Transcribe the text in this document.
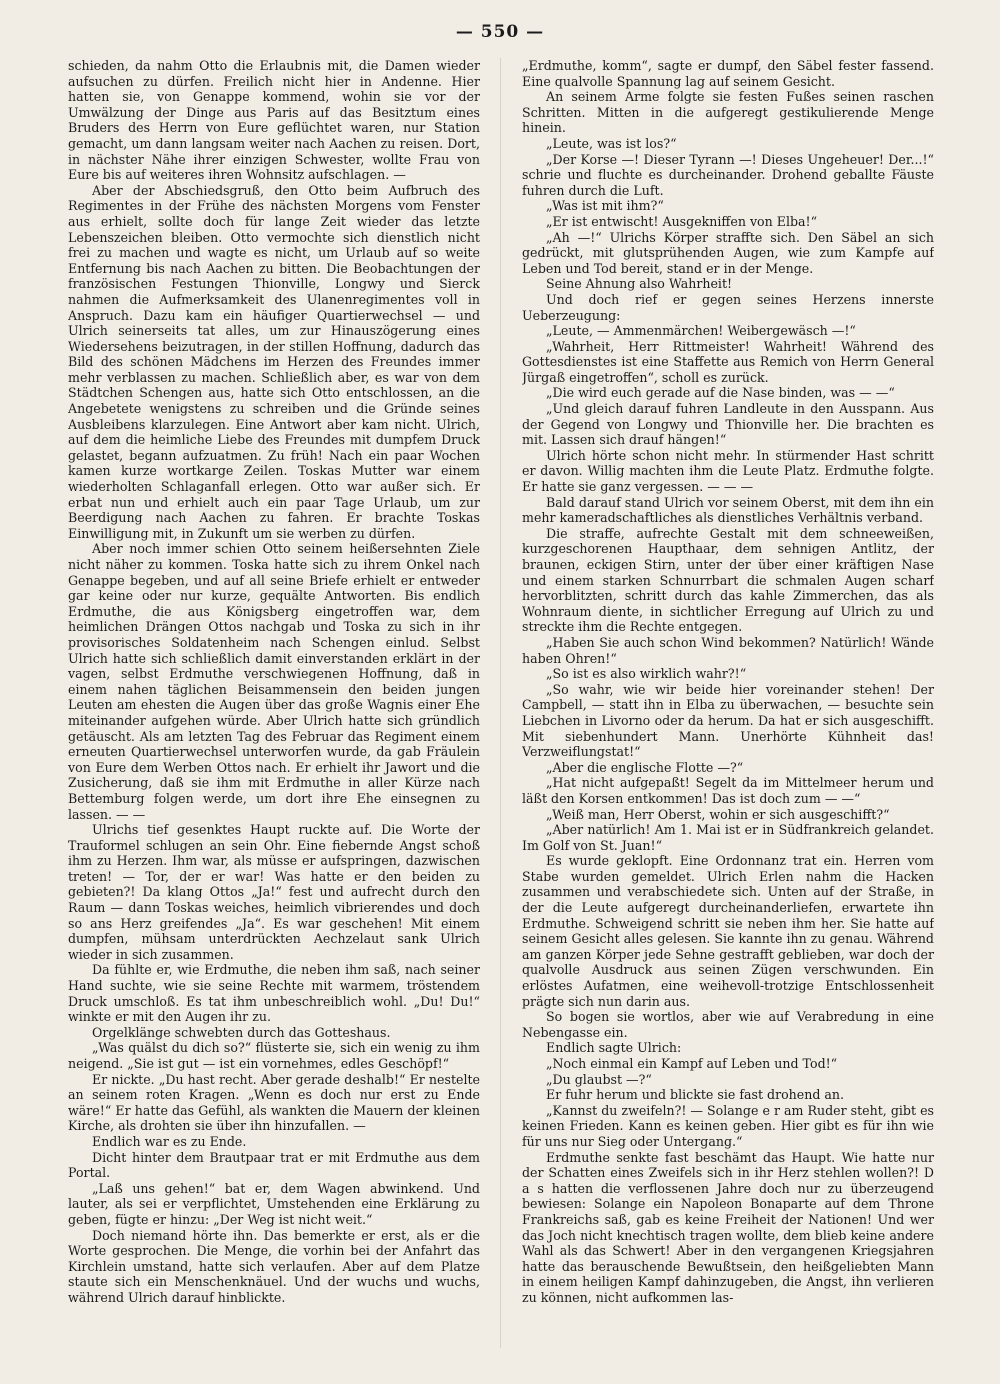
— 550 —

schieden, da nahm Otto die Erlaubnis mit, die Damen wieder aufsuchen zu dürfen. Freilich nicht hier in Andenne. Hier hatten sie, von Genappe kommend, wohin sie vor der Umwälzung der Dinge aus Paris auf das Besitztum eines Bruders des Herrn von Eure geflüchtet waren, nur Station gemacht, um dann langsam weiter nach Aachen zu reisen. Dort, in nächster Nähe ihrer einzigen Schwester, wollte Frau von Eure bis auf weiteres ihren Wohnsitz aufschlagen. —

Aber der Abschiedsgruß, den Otto beim Aufbruch des Regimentes in der Frühe des nächsten Morgens vom Fenster aus erhielt, sollte doch für lange Zeit wieder das letzte Lebenszeichen bleiben. Otto vermochte sich dienstlich nicht frei zu machen und wagte es nicht, um Urlaub auf so weite Entfernung bis nach Aachen zu bitten. Die Beobachtungen der französischen Festungen Thionville, Longwy und Sierck nahmen die Aufmerksamkeit des Ulanenregimentes voll in Anspruch. Dazu kam ein häufiger Quartierwechsel — und Ulrich seinerseits tat alles, um zur Hinauszögerung eines Wiedersehens beizutragen, in der stillen Hoffnung, dadurch das Bild des schönen Mädchens im Herzen des Freundes immer mehr verblassen zu machen. Schließlich aber, es war von dem Städtchen Schengen aus, hatte sich Otto entschlossen, an die Angebetete wenigstens zu schreiben und die Gründe seines Ausbleibens klarzulegen. Eine Antwort aber kam nicht. Ulrich, auf dem die heimliche Liebe des Freundes mit dumpfem Druck gelastet, begann aufzuatmen. Zu früh! Nach ein paar Wochen kamen kurze wortkarge Zeilen. Toskas Mutter war einem wiederholten Schlaganfall erlegen. Otto war außer sich. Er erbat nun und erhielt auch ein paar Tage Urlaub, um zur Beerdigung nach Aachen zu fahren. Er brachte Toskas Einwilligung mit, in Zukunft um sie werben zu dürfen.

Aber noch immer schien Otto seinem heißersehnten Ziele nicht näher zu kommen. Toska hatte sich zu ihrem Onkel nach Genappe begeben, und auf all seine Briefe erhielt er entweder gar keine oder nur kurze, gequälte Antworten. Bis endlich Erdmuthe, die aus Königsberg eingetroffen war, dem heimlichen Drängen Ottos nachgab und Toska zu sich in ihr provisorisches Soldatenheim nach Schengen einlud. Selbst Ulrich hatte sich schließlich damit einverstanden erklärt in der vagen, selbst Erdmuthe verschwiegenen Hoffnung, daß in einem nahen täglichen Beisammensein den beiden jungen Leuten am ehesten die Augen über das große Wagnis einer Ehe miteinander aufgehen würde. Aber Ulrich hatte sich gründlich getäuscht. Als am letzten Tag des Februar das Regiment einem erneuten Quartierwechsel unterworfen wurde, da gab Fräulein von Eure dem Werben Ottos nach. Er erhielt ihr Jawort und die Zusicherung, daß sie ihm mit Erdmuthe in aller Kürze nach Bettemburg folgen werde, um dort ihre Ehe einsegnen zu lassen. — —

Ulrichs tief gesenktes Haupt ruckte auf. Die Worte der Trauformel schlugen an sein Ohr. Eine fiebernde Angst schoß ihm zu Herzen. Ihm war, als müsse er aufspringen, dazwischen treten! — Tor, der er war! Was hatte er den beiden zu gebieten?! Da klang Ottos „Ja!“ fest und aufrecht durch den Raum — dann Toskas weiches, heimlich vibrierendes und doch so ans Herz greifendes „Ja“. Es war geschehen! Mit einem dumpfen, mühsam unterdrückten Aechzelaut sank Ulrich wieder in sich zusammen.

Da fühlte er, wie Erdmuthe, die neben ihm saß, nach seiner Hand suchte, wie sie seine Rechte mit warmem, tröstendem Druck umschloß. Es tat ihm unbeschreiblich wohl. „Du! Du!“ winkte er mit den Augen ihr zu.

Orgelklänge schwebten durch das Gotteshaus.

„Was quälst du dich so?“ flüsterte sie, sich ein wenig zu ihm neigend. „Sie ist gut — ist ein vornehmes, edles Geschöpf!“

Er nickte. „Du hast recht. Aber gerade deshalb!“ Er nestelte an seinem roten Kragen. „Wenn es doch nur erst zu Ende wäre!“ Er hatte das Gefühl, als wankten die Mauern der kleinen Kirche, als drohten sie über ihn hinzufallen. —

Endlich war es zu Ende.

Dicht hinter dem Brautpaar trat er mit Erdmuthe aus dem Portal.

„Laß uns gehen!“ bat er, dem Wagen abwinkend. Und lauter, als sei er verpflichtet, Umstehenden eine Erklärung zu geben, fügte er hinzu: „Der Weg ist nicht weit.“

Doch niemand hörte ihn. Das bemerkte er erst, als er die Worte gesprochen. Die Menge, die vorhin bei der Anfahrt das Kirchlein umstand, hatte sich verlaufen. Aber auf dem Platze staute sich ein Menschenknäuel. Und der wuchs und wuchs, während Ulrich darauf hinblickte.

„Erdmuthe, komm“, sagte er dumpf, den Säbel fester fassend. Eine qualvolle Spannung lag auf seinem Gesicht.

An seinem Arme folgte sie festen Fußes seinen raschen Schritten. Mitten in die aufgeregt gestikulierende Menge hinein.

„Leute, was ist los?“

„Der Korse —! Dieser Tyrann —! Dieses Ungeheuer! Der...!“ schrie und fluchte es durcheinander. Drohend geballte Fäuste fuhren durch die Luft.

„Was ist mit ihm?“

„Er ist entwischt! Ausgekniffen von Elba!“

„Ah —!“ Ulrichs Körper straffte sich. Den Säbel an sich gedrückt, mit glutsprühenden Augen, wie zum Kampfe auf Leben und Tod bereit, stand er in der Menge.

Seine Ahnung also Wahrheit!

Und doch rief er gegen seines Herzens innerste Ueberzeugung:

„Leute, — Ammenmärchen! Weibergewäsch —!“

„Wahrheit, Herr Rittmeister! Wahrheit! Während des Gottesdienstes ist eine Staffette aus Remich von Herrn General Jürgaß eingetroffen“, scholl es zurück.

„Die wird euch gerade auf die Nase binden, was — —“

„Und gleich darauf fuhren Landleute in den Ausspann. Aus der Gegend von Longwy und Thionville her. Die brachten es mit. Lassen sich drauf hängen!“

Ulrich hörte schon nicht mehr. In stürmender Hast schritt er davon. Willig machten ihm die Leute Platz. Erdmuthe folgte. Er hatte sie ganz vergessen. — — —

Bald darauf stand Ulrich vor seinem Oberst, mit dem ihn ein mehr kameradschaftliches als dienstliches Verhältnis verband.

Die straffe, aufrechte Gestalt mit dem schneeweißen, kurzgeschorenen Haupthaar, dem sehnigen Antlitz, der braunen, eckigen Stirn, unter der über einer kräftigen Nase und einem starken Schnurrbart die schmalen Augen scharf hervorblitzten, schritt durch das kahle Zimmerchen, das als Wohnraum diente, in sichtlicher Erregung auf Ulrich zu und streckte ihm die Rechte entgegen.

„Haben Sie auch schon Wind bekommen? Natürlich! Wände haben Ohren!“

„So ist es also wirklich wahr?!“

„So wahr, wie wir beide hier voreinander stehen! Der Campbell, — statt ihn in Elba zu überwachen, — besuchte sein Liebchen in Livorno oder da herum. Da hat er sich ausgeschifft. Mit siebenhundert Mann. Unerhörte Kühnheit das! Verzweiflungstat!“

„Aber die englische Flotte —?“

„Hat nicht aufgepaßt! Segelt da im Mittelmeer herum und läßt den Korsen entkommen! Das ist doch zum — —“

„Weiß man, Herr Oberst, wohin er sich ausgeschifft?“

„Aber natürlich! Am 1. Mai ist er in Südfrankreich gelandet. Im Golf von St. Juan!“

Es wurde geklopft. Eine Ordonnanz trat ein. Herren vom Stabe wurden gemeldet. Ulrich Erlen nahm die Hacken zusammen und verabschiedete sich. Unten auf der Straße, in der die Leute aufgeregt durcheinanderliefen, erwartete ihn Erdmuthe. Schweigend schritt sie neben ihm her. Sie hatte auf seinem Gesicht alles gelesen. Sie kannte ihn zu genau. Während am ganzen Körper jede Sehne gestrafft geblieben, war doch der qualvolle Ausdruck aus seinen Zügen verschwunden. Ein erlöstes Aufatmen, eine weihevoll-trotzige Entschlossenheit prägte sich nun darin aus.

So bogen sie wortlos, aber wie auf Verabredung in eine Nebengasse ein.

Endlich sagte Ulrich:

„Noch einmal ein Kampf auf Leben und Tod!“

„Du glaubst —?“

Er fuhr herum und blickte sie fast drohend an.

„Kannst du zweifeln?! — Solange e r am Ruder steht, gibt es keinen Frieden. Kann es keinen geben. Hier gibt es für ihn wie für uns nur Sieg oder Untergang.“

Erdmuthe senkte fast beschämt das Haupt. Wie hatte nur der Schatten eines Zweifels sich in ihr Herz stehlen wollen?! D a s hatten die verflossenen Jahre doch nur zu überzeugend bewiesen: Solange ein Napoleon Bonaparte auf dem Throne Frankreichs saß, gab es keine Freiheit der Nationen! Und wer das Joch nicht knechtisch tragen wollte, dem blieb keine andere Wahl als das Schwert! Aber in den vergangenen Kriegsjahren hatte das berauschende Bewußtsein, den heißgeliebten Mann in einem heiligen Kampf dahinzugeben, die Angst, ihn verlieren zu können, nicht aufkommen las-
